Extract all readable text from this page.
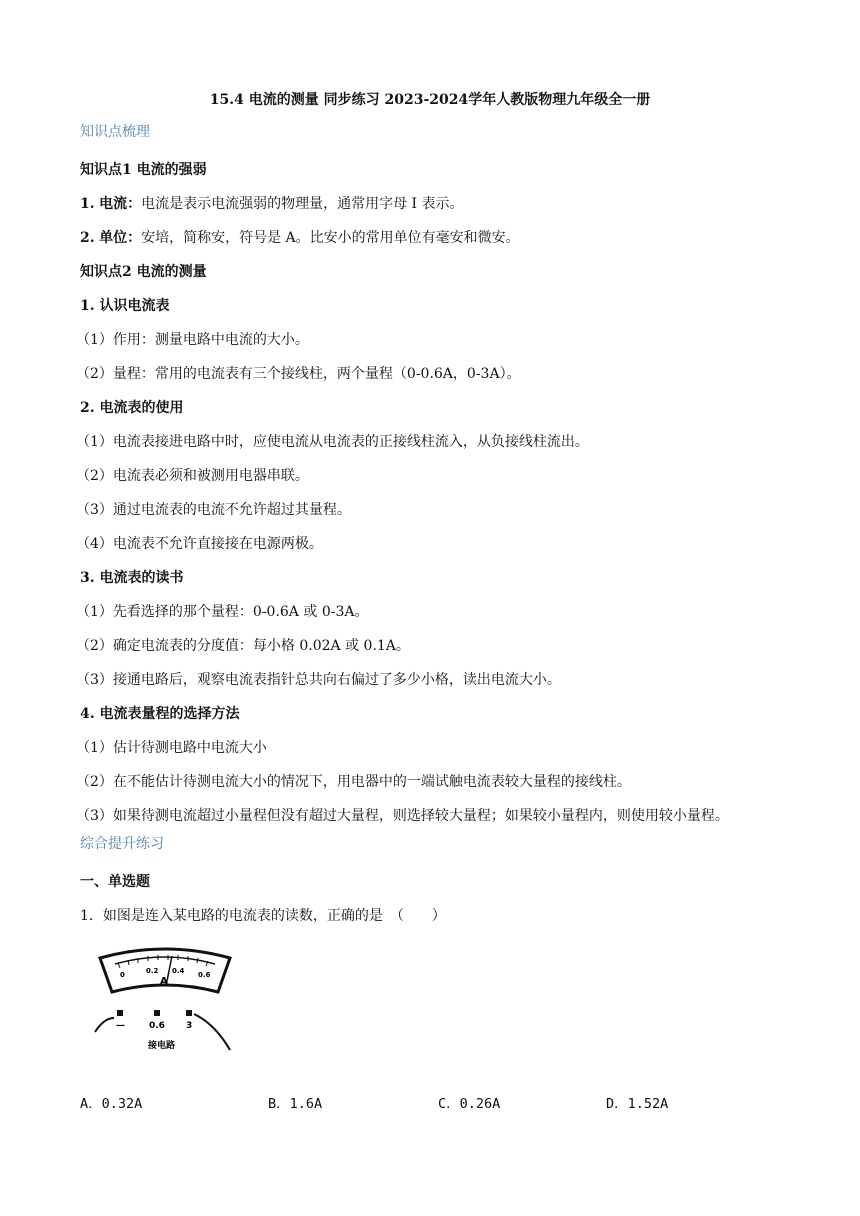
15.4 电流的测量 同步练习 2023-2024学年人教版物理九年级全一册
知识点梳理
知识点1 电流的强弱
1. 电流：电流是表示电流强弱的物理量，通常用字母 I 表示。
2. 单位：安培，简称安，符号是 A。比安小的常用单位有毫安和微安。
知识点2 电流的测量
1. 认识电流表
（1）作用：测量电路中电流的大小。
（2）量程：常用的电流表有三个接线柱，两个量程（0-0.6A，0-3A）。
2. 电流表的使用
（1）电流表接进电路中时，应使电流从电流表的正接线柱流入，从负接线柱流出。
（2）电流表必须和被测用电器串联。
（3）通过电流表的电流不允许超过其量程。
（4）电流表不允许直接接在电源两极。
3. 电流表的读书
（1）先看选择的那个量程：0-0.6A 或 0-3A。
（2）确定电流表的分度值：每小格 0.02A 或 0.1A。
（3）接通电路后，观察电流表指针总共向右偏过了多少小格，读出电流大小。
4. 电流表量程的选择方法
（1）估计待测电路中电流大小
（2）在不能估计待测电流大小的情况下，用电器中的一端试触电流表较大量程的接线柱。
（3）如果待测电流超过小量程但没有超过大量程，则选择较大量程；如果较小量程内，则使用较小量程。
综合提升练习
一、单选题
1．如图是连入某电路的电流表的读数，正确的是　（　　）
0	0.2 0.4 0.6
A
—	0.6 3
接电路
A．0.32A	B．1.6A	C．0.26A	D．1.52A
